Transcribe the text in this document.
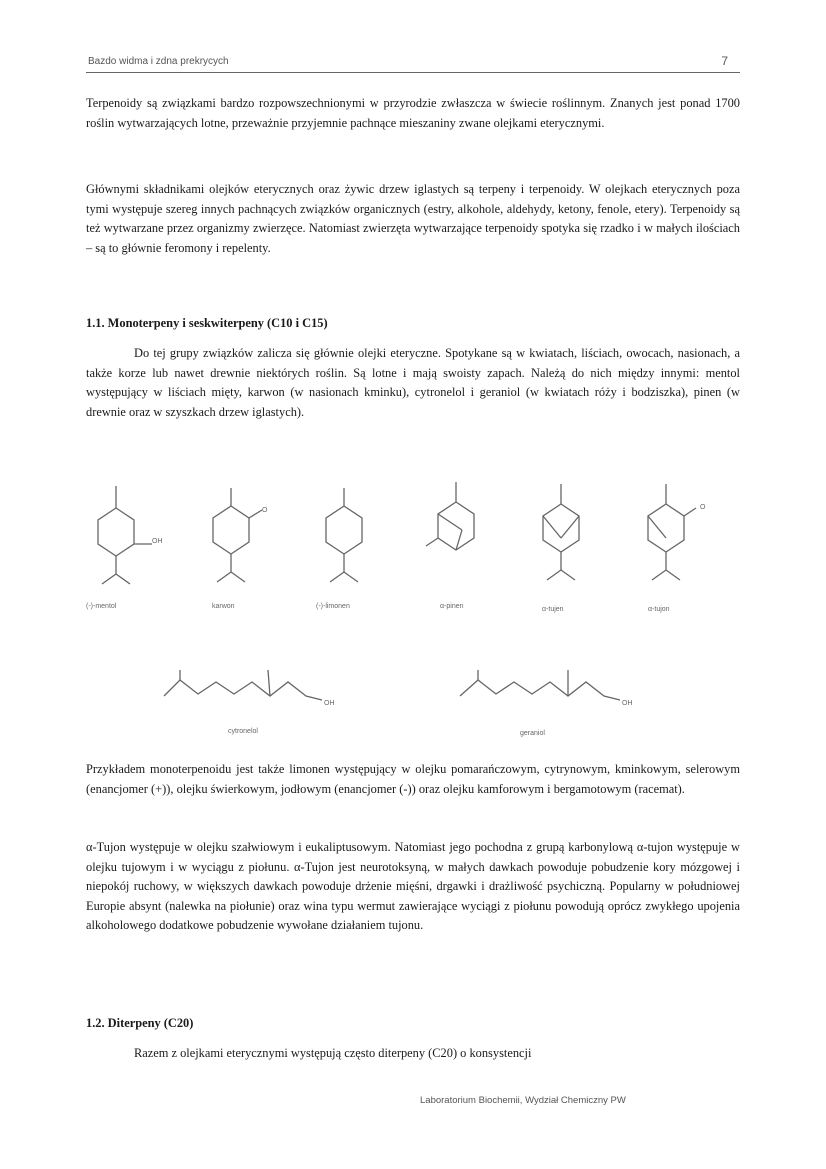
Bazdo widma i zdna prekrycych	7

Terpenoidy są związkami bardzo rozpowszechnionymi w przyrodzie zwłaszcza w świecie roślinnym. Znanych jest ponad 1700 roślin wytwarzających lotne, przeważnie przyjemnie pachnące mieszaniny zwane olejkami eterycznymi.

Głównymi składnikami olejków eterycznych oraz żywic drzew iglastych są terpeny i terpenoidy. W olejkach eterycznych poza tymi występuje szereg innych pachnących związków organicznych (estry, alkohole, aldehydy, ketony, fenole, etery). Terpenoidy są też wytwarzane przez organizmy zwierzęce. Natomiast zwierzęta wytwarzające terpenoidy spotyka się rzadko i w małych ilościach – są to głównie feromony i repelenty.

1.1. Monoterpeny i seskwiterpeny (C10 i C15)

Do tej grupy związków zalicza się głównie olejki eteryczne. Spotykane są w kwiatach, liściach, owocach, nasionach, a także korze lub nawet drewnie niektórych roślin. Są lotne i mają swoisty zapach. Należą do nich między innymi: mentol występujący w liściach mięty, karwon (w nasionach kminku), cytronelol i geraniol (w kwiatach róży i bodziszka), pinen (w drewnie oraz w szyszkach drzew iglastych).

OH
O	O
(-)-mentol	karwon	(-)-limonen	α-pinen	α-tujen	α-tujon
OH	OH
cytronelol	geraniol

Przykładem monoterpenoidu jest także limonen występujący w olejku pomarańczowym, cytrynowym, kminkowym, selerowym (enancjomer (+)), olejku świerkowym, jodłowym (enancjomer (-)) oraz olejku kamforowym i bergamotowym (racemat).

α-Tujon występuje w olejku szałwiowym i eukaliptusowym. Natomiast jego pochodna z grupą karbonylową α-tujon występuje w olejku tujowym i w wyciągu z piołunu. α-Tujon jest neurotoksyną, w małych dawkach powoduje pobudzenie kory mózgowej i niepokój ruchowy, w większych dawkach powoduje drżenie mięśni, drgawki i drażliwość psychiczną. Popularny w południowej Europie absynt (nalewka na piołunie) oraz wina typu wermut zawierające wyciągi z piołunu powodują oprócz zwykłego upojenia alkoholowego dodatkowe pobudzenie wywołane działaniem tujonu.

1.2. Diterpeny (C20)

Razem z olejkami eterycznymi występują często diterpeny (C20) o konsystencji

Laboratorium Biochemii, Wydział Chemiczny PW
